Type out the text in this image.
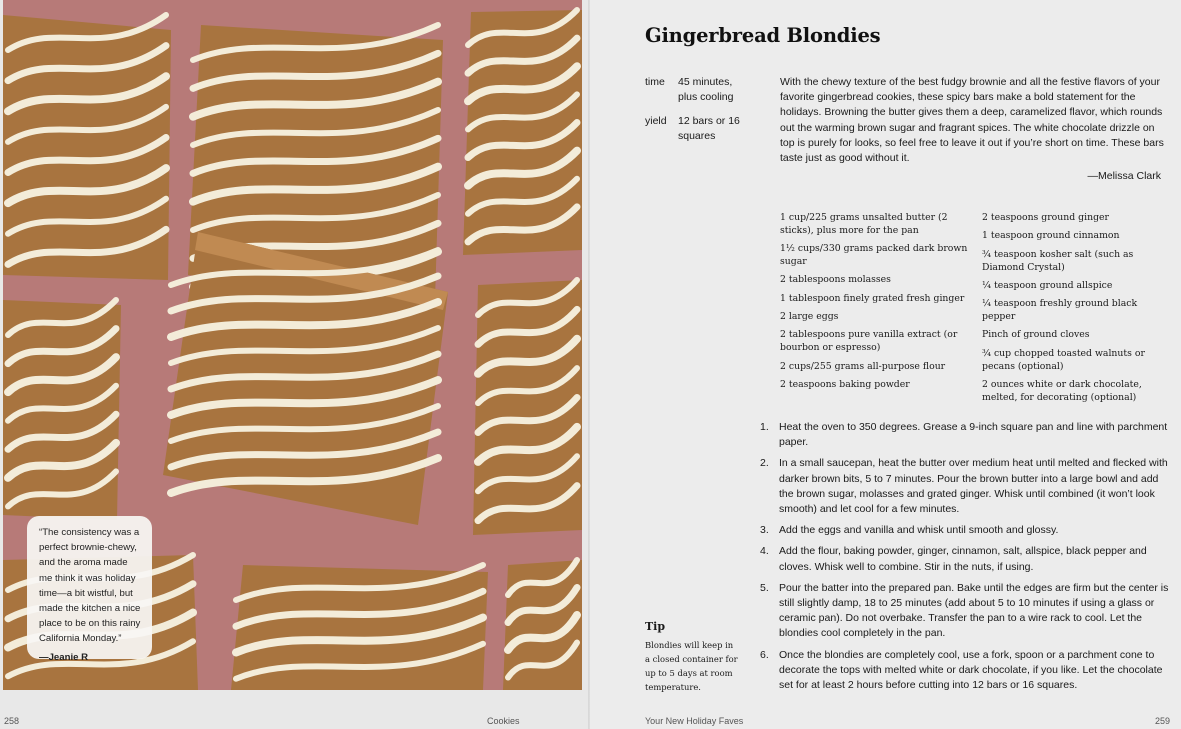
“The consistency was a perfect brownie-chewy, and the aroma made me think it was holiday time—a bit wistful, but made the kitchen a nice place to be on this rainy California Monday.”
—Jeanie R
258	Cookies
Gingerbread Blondies
time	45 minutes, plus cooling
yield	12 bars or 16 squares

With the chewy texture of the best fudgy brownie and all the festive flavors of your favorite gingerbread cookies, these spicy bars make a bold statement for the holidays. Browning the butter gives them a deep, caramelized flavor, which rounds out the warming brown sugar and fragrant spices. The white chocolate drizzle on top is purely for looks, so feel free to leave it out if you’re short on time. These bars taste just as good without it.

—Melissa Clark
1 cup/225 grams unsalted butter (2 sticks), plus more for the pan
1½ cups/330 grams packed dark brown sugar
2 tablespoons molasses
1 tablespoon finely grated fresh ginger
2 large eggs
2 tablespoons pure vanilla extract (or bourbon or espresso)
2 cups/255 grams all-purpose flour
2 teaspoons baking powder
2 teaspoons ground ginger
1 teaspoon ground cinnamon
¾ teaspoon kosher salt (such as Diamond Crystal)
¼ teaspoon ground allspice
¼ teaspoon freshly ground black pepper
Pinch of ground cloves
¾ cup chopped toasted walnuts or pecans (optional)
2 ounces white or dark chocolate, melted, for decorating (optional)
1. Heat the oven to 350 degrees. Grease a 9-inch square pan and line with parchment paper.
2. In a small saucepan, heat the butter over medium heat until melted and flecked with darker brown bits, 5 to 7 minutes. Pour the brown butter into a large bowl and add the brown sugar, molasses and grated ginger. Whisk until combined (it won’t look smooth) and let cool for a few minutes.
3. Add the eggs and vanilla and whisk until smooth and glossy.
4. Add the flour, baking powder, ginger, cinnamon, salt, allspice, black pepper and cloves. Whisk well to combine. Stir in the nuts, if using.
5. Pour the batter into the prepared pan. Bake until the edges are firm but the center is still slightly damp, 18 to 25 minutes (add about 5 to 10 minutes if using a glass or ceramic pan). Do not overbake. Transfer the pan to a wire rack to cool. Let the blondies cool completely in the pan.
6. Once the blondies are completely cool, use a fork, spoon or a parchment cone to decorate the tops with melted white or dark chocolate, if you like. Let the chocolate set for at least 2 hours before cutting into 12 bars or 16 squares.
Tip

Blondies will keep in a closed container for up to 5 days at room temperature.

Your New Holiday Faves	259
